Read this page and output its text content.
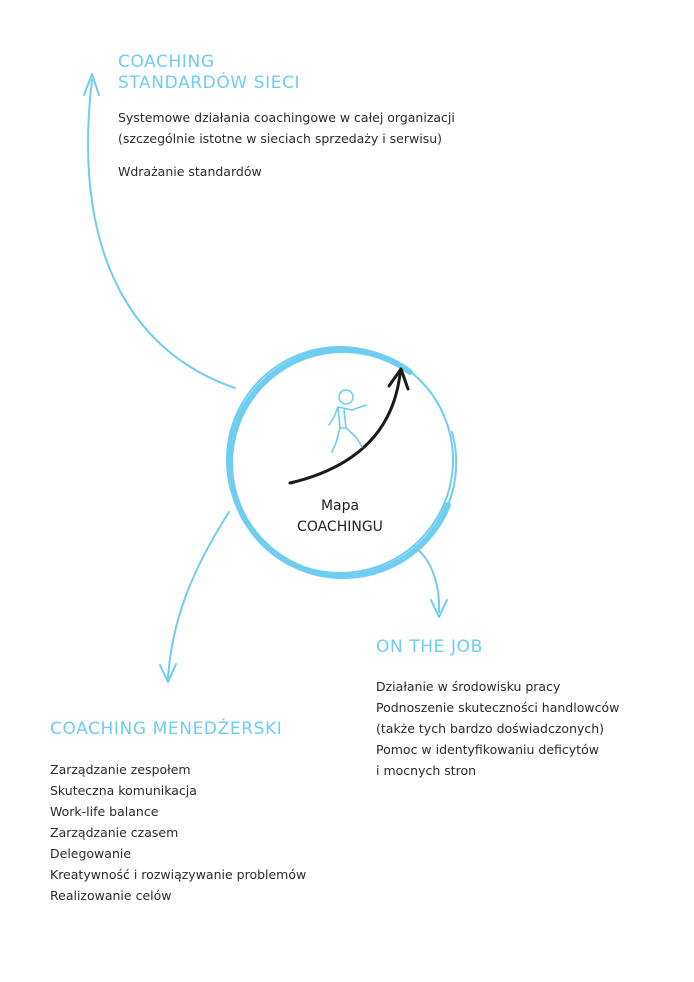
Mapa
COACHINGU
COACHING
STANDARDÓW SIECI
Systemowe działania coachingowe w całej organizacji
(szczególnie istotne w sieciach sprzedaży i serwisu)
Wdrażanie standardów
ON THE JOB
Działanie w środowisku pracy
Podnoszenie skuteczności handlowców
(także tych bardzo doświadczonych)
Pomoc w identyfikowaniu deficytów
i mocnych stron
COACHING MENEDŻERSKI
Zarządzanie zespołem
Skuteczna komunikacja
Work-life balance
Zarządzanie czasem
Delegowanie
Kreatywność i rozwiązywanie problemów
Realizowanie celów
